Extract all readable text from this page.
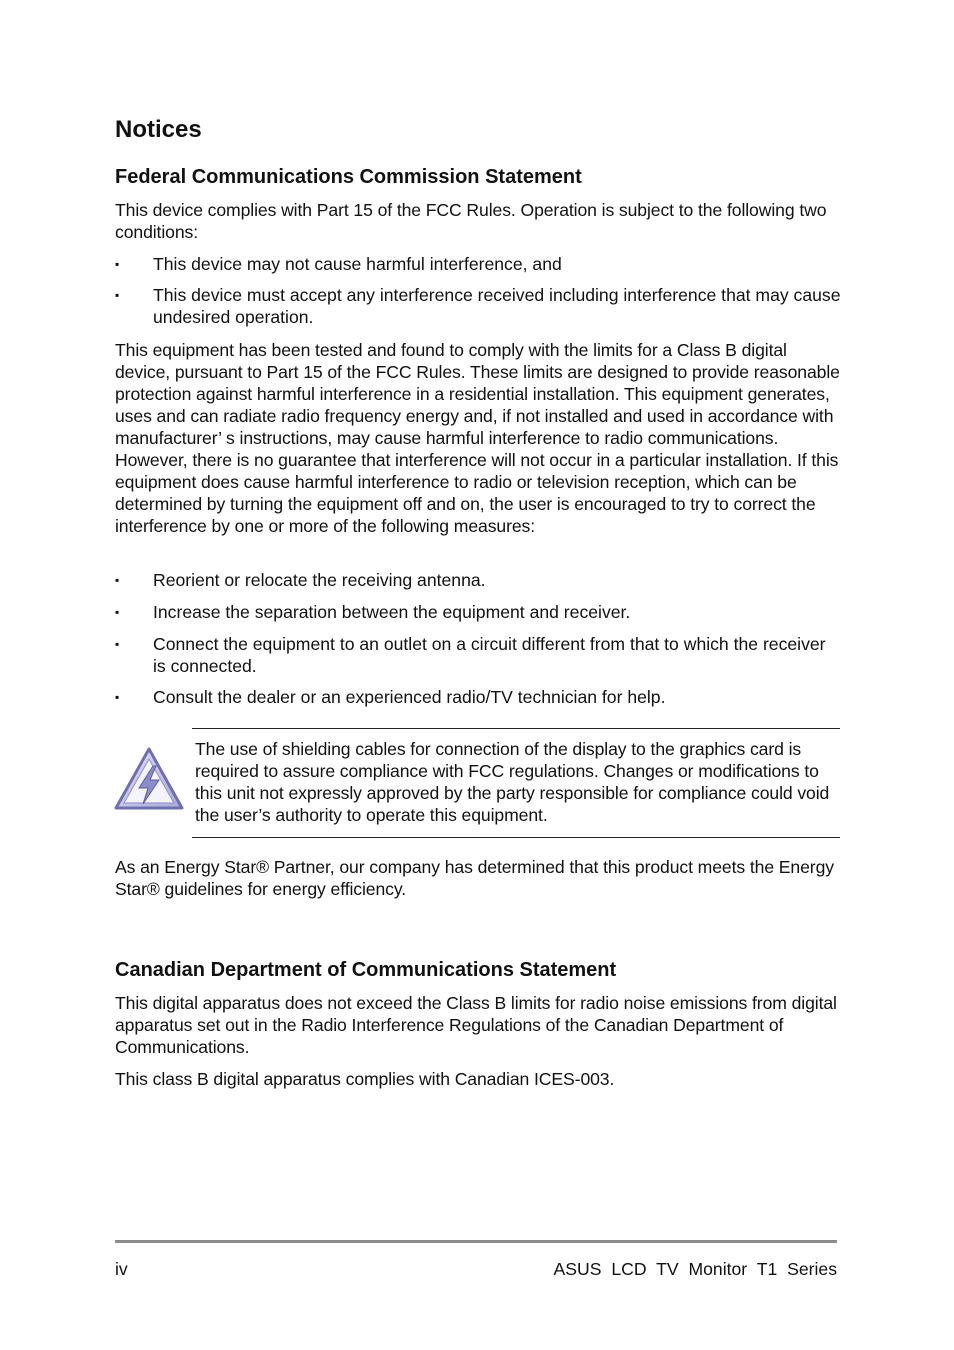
Notices
Federal Communications Commission Statement

This device complies with Part 15 of the FCC Rules. Operation is subject to the following two conditions:

▪ This device may not cause harmful interference, and
▪ This device must accept any interference received including interference that may cause undesired operation.

This equipment has been tested and found to comply with the limits for a Class B digital device, pursuant to Part 15 of the FCC Rules. These limits are designed to provide reasonable protection against harmful interference in a residential installation. This equipment generates, uses and can radiate radio frequency energy and, if not installed and used in accordance with manufacturer’ s instructions, may cause harmful interference to radio communications. However, there is no guarantee that interference will not occur in a particular installation. If this equipment does cause harmful interference to radio or television reception, which can be determined by turning the equipment off and on, the user is encouraged to try to correct the interference by one or more of the following measures:

▪ Reorient or relocate the receiving antenna.
▪ Increase the separation between the equipment and receiver.
▪ Connect the equipment to an outlet on a circuit different from that to which the receiver is connected.
▪ Consult the dealer or an experienced radio/TV technician for help.

The use of shielding cables for connection of the display to the graphics card is required to assure compliance with FCC regulations. Changes or modifications to this unit not expressly approved by the party responsible for compliance could void the user’s authority to operate this equipment.

As an Energy Star® Partner, our company has determined that this product meets the Energy Star® guidelines for energy efficiency.

Canadian Department of Communications Statement

This digital apparatus does not exceed the Class B limits for radio noise emissions from digital apparatus set out in the Radio Interference Regulations of the Canadian Department of Communications.

This class B digital apparatus complies with Canadian ICES-003.

iv	ASUS LCD TV Monitor T1 Series
